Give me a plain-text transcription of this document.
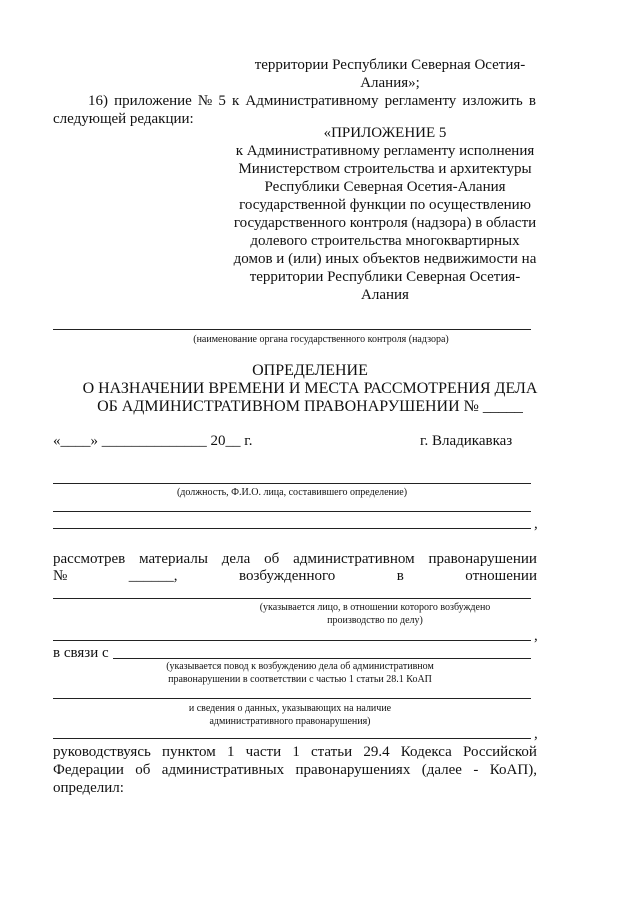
территории Республики Северная Осетия-
Алания»;
16) приложение № 5 к Административному регламенту изложить в
следующей редакции:
«ПРИЛОЖЕНИЕ 5
к Административному регламенту исполнения
Министерством строительства и архитектуры
Республики Северная Осетия-Алания
государственной функции по осуществлению
государственного контроля (надзора) в области
долевого строительства многоквартирных
домов и (или) иных объектов недвижимости на
территории Республики Северная Осетия-
Алания
(наименование органа государственного контроля (надзора)
ОПРЕДЕЛЕНИЕ
О НАЗНАЧЕНИИ ВРЕМЕНИ И МЕСТА РАССМОТРЕНИЯ ДЕЛА
ОБ АДМИНИСТРАТИВНОМ ПРАВОНАРУШЕНИИ № _____
«____» ______________ 20__ г.	г. Владикавказ
(должность, Ф.И.О. лица, составившего определение)
,
рассмотрев материалы дела об административном правонарушении
№	______,	возбужденного	в	отношении
(указывается лицо, в отношении которого возбуждено
производство по делу)
,
в связи с
(указывается повод к возбуждению дела об административном
правонарушении в соответствии с частью 1 статьи 28.1 КоАП
и сведения о данных, указывающих на наличие
административного правонарушения)
,
руководствуясь пунктом 1 части 1 статьи 29.4 Кодекса Российской
Федерации об административных правонарушениях (далее - КоАП),
определил:
